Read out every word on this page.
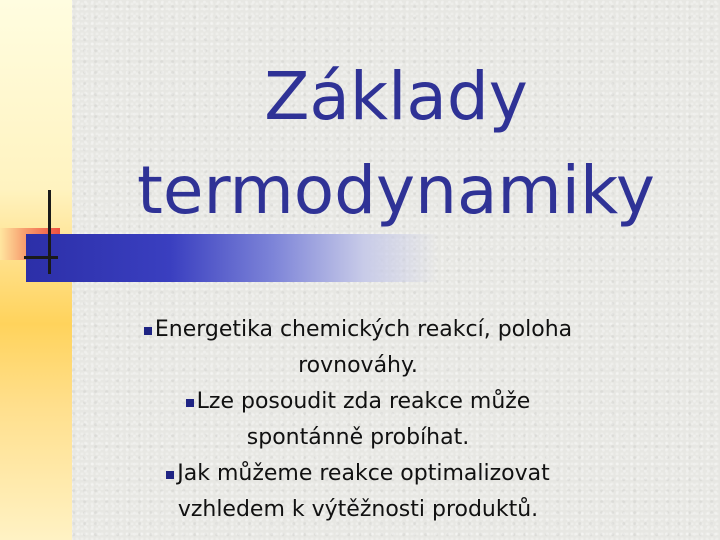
Základy
termodynamiky
Energetika chemických reakcí, poloha
rovnováhy.
Lze posoudit zda reakce může
spontánně probíhat.
Jak můžeme reakce optimalizovat
vzhledem k výtěžnosti produktů.
